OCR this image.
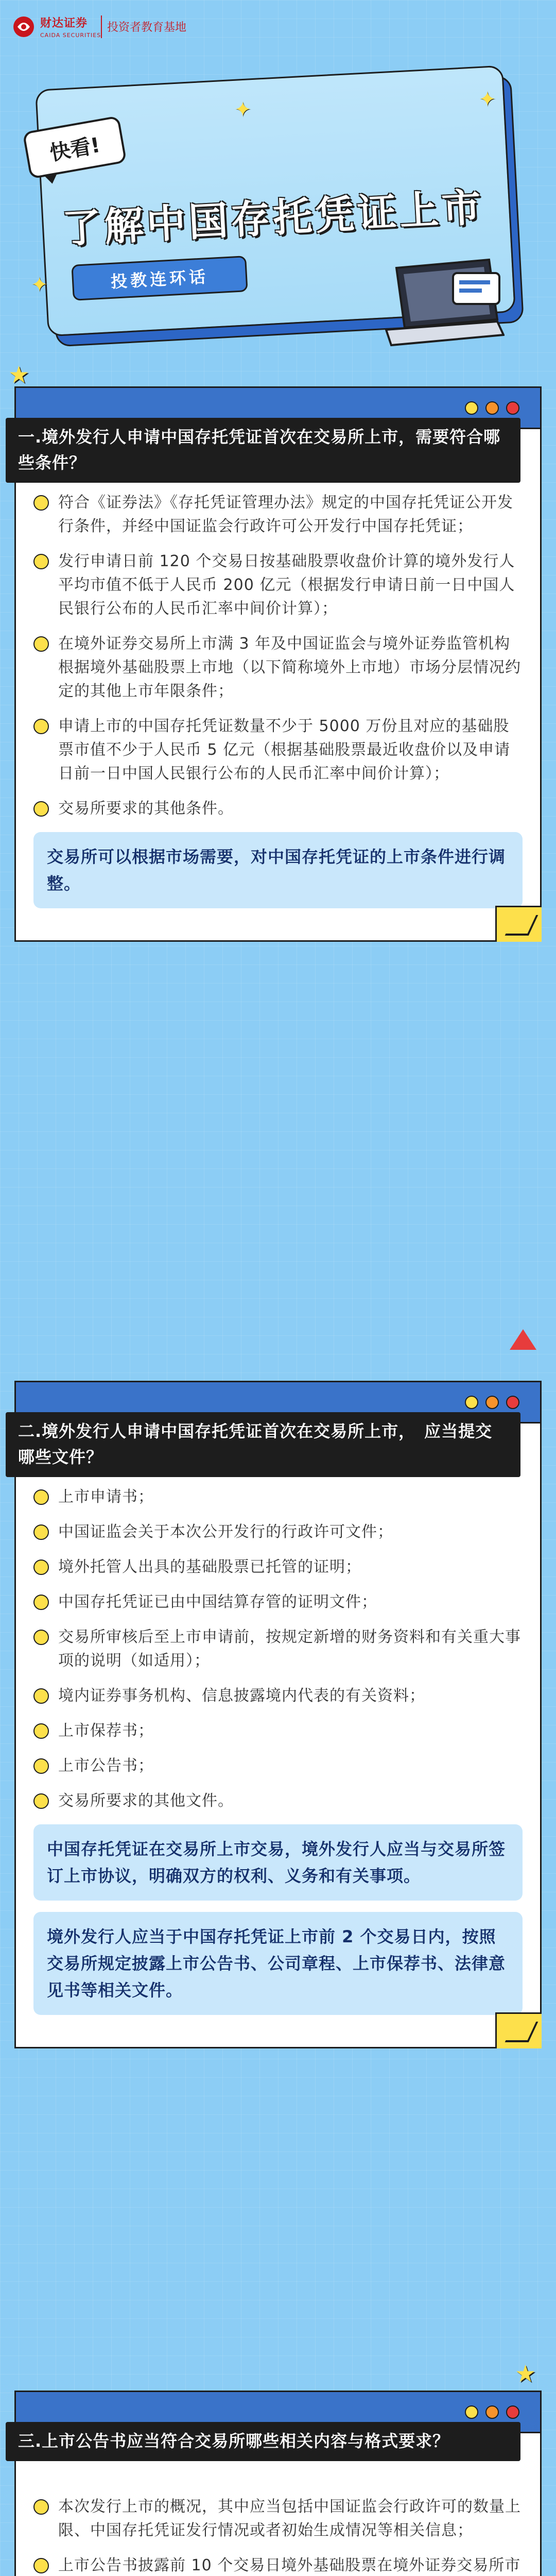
财达证券
CAIDA SECURITIES
投资者教育基地
✦	✦
✦
快看!
了解中国存托凭证上市
投教连环话
一.境外发行人申请中国存托凭证首次在交易所上市，需要符合哪些条件？
符合《证券法》《存托凭证管理办法》规定的中国存托凭证公开发行条件，并经中国证监会行政许可公开发行中国存托凭证；
发行申请日前 120 个交易日按基础股票收盘价计算的境外发行人平均市值不低于人民币 200 亿元（根据发行申请日前一日中国人民银行公布的人民币汇率中间价计算）；
在境外证券交易所上市满 3 年及中国证监会与境外证券监管机构根据境外基础股票上市地（以下简称境外上市地）市场分层情况约定的其他上市年限条件；
申请上市的中国存托凭证数量不少于 5000 万份且对应的基础股票市值不少于人民币 5 亿元（根据基础股票最近收盘价以及申请日前一日中国人民银行公布的人民币汇率中间价计算）；
交易所要求的其他条件。
交易所可以根据市场需要，对中国存托凭证的上市条件进行调整。
★
二.境外发行人申请中国存托凭证首次在交易所上市，　应当提交哪些文件？
上市申请书；
中国证监会关于本次公开发行的行政许可文件；
境外托管人出具的基础股票已托管的证明；
中国存托凭证已由中国结算存管的证明文件；
交易所审核后至上市申请前，按规定新增的财务资料和有关重大事项的说明（如适用）；
境内证券事务机构、信息披露境内代表的有关资料；
上市保荐书；
上市公告书；
交易所要求的其他文件。
中国存托凭证在交易所上市交易，境外发行人应当与交易所签订上市协议，明确双方的权利、义务和有关事项。
境外发行人应当于中国存托凭证上市前 2 个交易日内，按照交易所规定披露上市公告书、公司章程、上市保荐书、法律意见书等相关文件。
★
三.上市公告书应当符合交易所哪些相关内容与格式要求？
本次发行上市的概况，其中应当包括中国证监会行政许可的数量上限、中国存托凭证发行情况或者初始生成情况等相关信息；
上市公告书披露前 10 个交易日境外基础股票在境外证券交易所市
